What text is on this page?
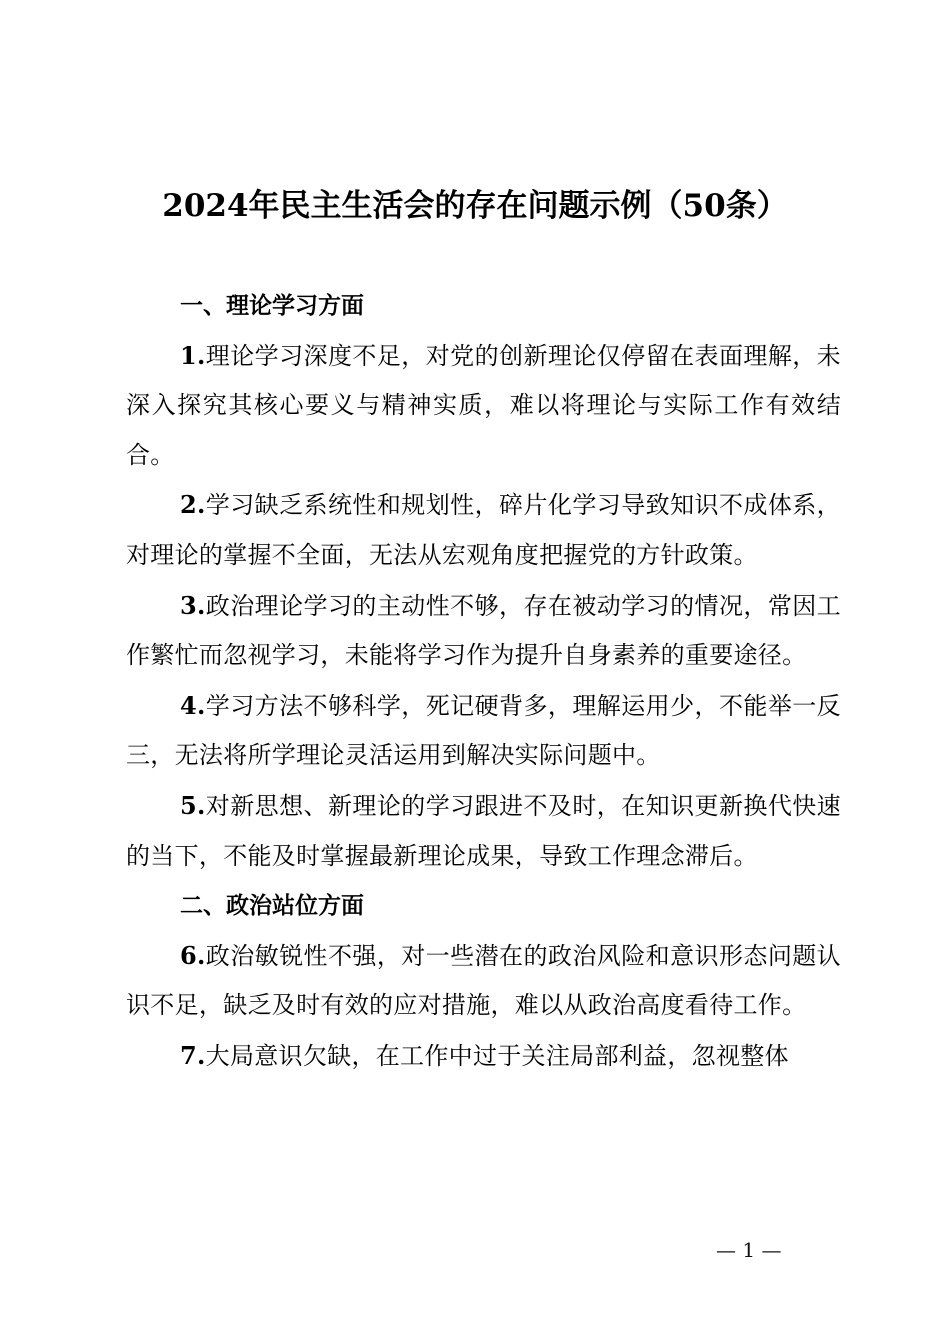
2024年民主生活会的存在问题示例（50条）

一、理论学习方面

1.理论学习深度不足，对党的创新理论仅停留在表面理解，未深入探究其核心要义与精神实质，难以将理论与实际工作有效结合。

2.学习缺乏系统性和规划性，碎片化学习导致知识不成体系，对理论的掌握不全面，无法从宏观角度把握党的方针政策。

3.政治理论学习的主动性不够，存在被动学习的情况，常因工作繁忙而忽视学习，未能将学习作为提升自身素养的重要途径。

4.学习方法不够科学，死记硬背多，理解运用少，不能举一反三，无法将所学理论灵活运用到解决实际问题中。

5.对新思想、新理论的学习跟进不及时，在知识更新换代快速的当下，不能及时掌握最新理论成果，导致工作理念滞后。

二、政治站位方面

6.政治敏锐性不强，对一些潜在的政治风险和意识形态问题认识不足，缺乏及时有效的应对措施，难以从政治高度看待工作。

7.大局意识欠缺，在工作中过于关注局部利益，忽视整体

— 1 —
